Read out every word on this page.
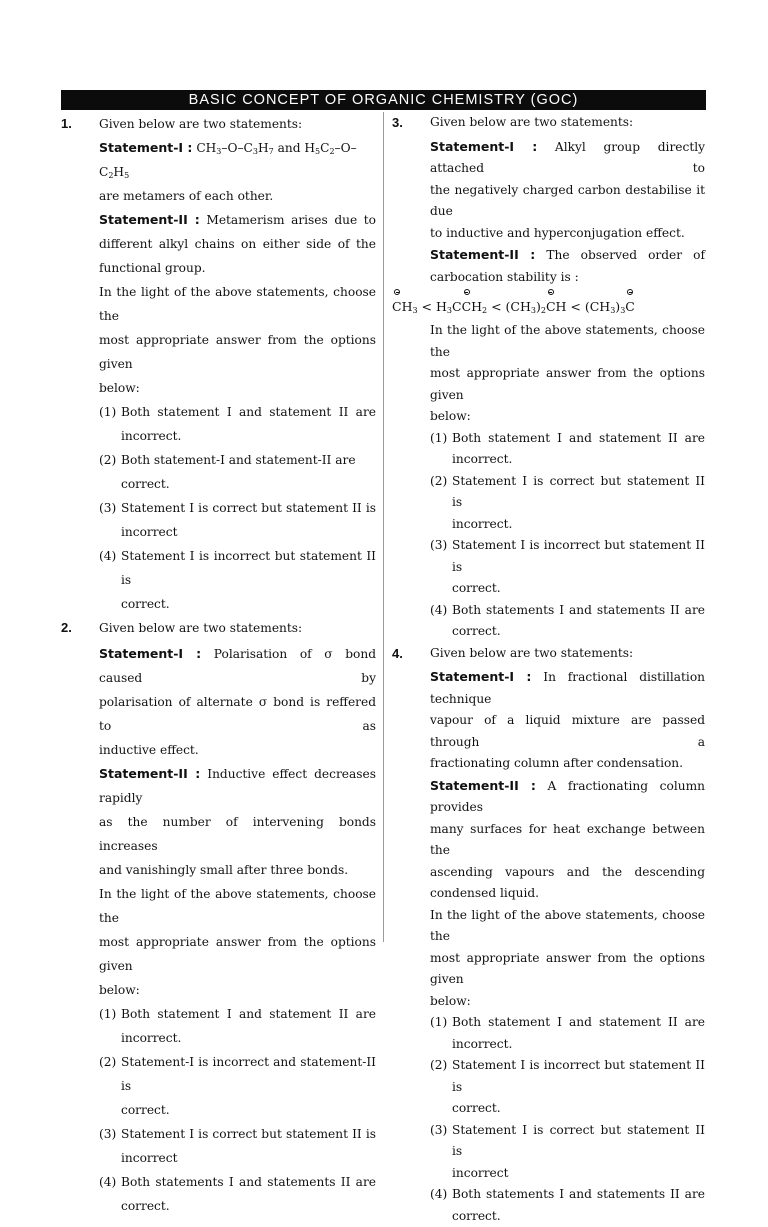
BASIC CONCEPT OF ORGANIC CHEMISTRY (GOC)
1. Given below are two statements:
Statement-I : $CH_3-O-C_3H_7$ and $H_5C_2-O-C_2H_5$
are metamers of each other.
Statement-II : Metamerism arises due to
different alkyl chains on either side of the
functional group.
In the light of the above statements, choose the
most appropriate answer from the options given
below:
(1) Both statement I and statement II are
incorrect.
(2) Both statement-I and statement-II are correct.
(3) Statement I is correct but statement II is
incorrect
(4) Statement I is incorrect but statement II is
correct.
2. Given below are two statements:
Statement-I : Polarisation of σ bond caused by
polarisation of alternate σ bond is reffered to as
inductive effect.
Statement-II : Inductive effect decreases rapidly
as the number of intervening bonds increases
and vanishingly small after three bonds.
In the light of the above statements, choose the
most appropriate answer from the options given
below:
(1) Both statement I and statement II are
incorrect.
(2) Statement-I is incorrect and statement-II is
correct.
(3) Statement I is correct but statement II is
incorrect
(4) Both statements I and statements II are
correct.
3. Given below are two statements:
Statement-I : Alkyl group directly attached to
the negatively charged carbon destabilise it due
to inductive and hyperconjugation effect.
Statement-II : The observed order of
carbocation stability is :
$CH_3 < H_3CCH_2 < (CH_3)_2CH < (CH_3)_3C$
In the light of the above statements, choose the
most appropriate answer from the options given
below:
(1) Both statement I and statement II are
incorrect.
(2) Statement I is correct but statement II is
incorrect.
(3) Statement I is incorrect but statement II is
correct.
(4) Both statements I and statements II are
correct.
4. Given below are two statements:
Statement-I : In fractional distillation technique
vapour of a liquid mixture are passed through a
fractionating column after condensation.
Statement-II : A fractionating column provides
many surfaces for heat exchange between the
ascending vapours and the descending
condensed liquid.
In the light of the above statements, choose the
most appropriate answer from the options given
below:
(1) Both statement I and statement II are
incorrect.
(2) Statement I is incorrect but statement II is
correct.
(3) Statement I is correct but statement II is
incorrect
(4) Both statements I and statements II are
correct.
